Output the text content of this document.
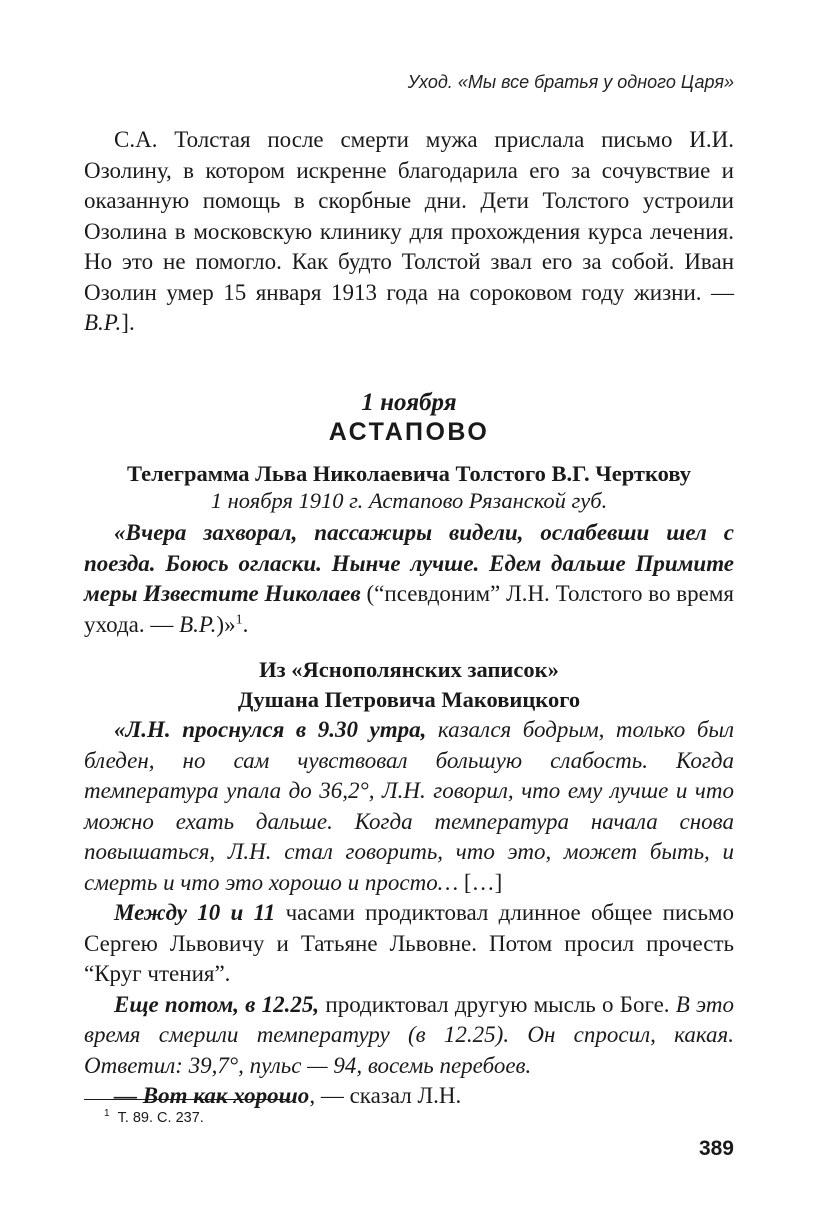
Уход. «Мы все братья у одного Царя»

С.А. Толстая после смерти мужа прислала письмо И.И. Озолину, в котором искренне благодарила его за сочувствие и оказанную помощь в скорбные дни. Дети Толстого устроили Озолина в московскую клинику для прохождения курса лечения. Но это не помогло. Как будто Толстой звал его за собой. Иван Озолин умер 15 января 1913 года на сороковом году жизни. — В.Р.].

1 ноября
АСТАПОВО
Телеграмма Льва Николаевича Толстого В.Г. Черткову
1 ноября 1910 г. Астапово Рязанской губ.

«Вчера захворал, пассажиры видели, ослабевши шел с поезда. Боюсь огласки. Нынче лучше. Едем дальше Примите меры Известите Николаев (“псевдоним” Л.Н. Толстого во время ухода. — В.Р.)»$^1$.

Из «Яснополянских записок»
Душана Петровича Маковицкого

«Л.Н. проснулся в 9.30 утра, казался бодрым, только был бледен, но сам чувствовал большую слабость. Когда температура упала до 36,2°, Л.Н. говорил, что ему лучше и что можно ехать дальше. Когда температура начала снова повышаться, Л.Н. стал говорить, что это, может быть, и смерть и что это хорошо и просто… […]

Между 10 и 11 часами продиктовал длинное общее письмо Сергею Львовичу и Татьяне Львовне. Потом просил прочесть “Круг чтения”.

Еще потом, в 12.25, продиктовал другую мысль о Боге. В это время смерили температуру (в 12.25). Он спросил, какая. Ответил: 39,7°, пульс — 94, восемь перебоев.

— Вот как хорошо, — сказал Л.Н.

$^1$ Т. 89. С. 237.
389
